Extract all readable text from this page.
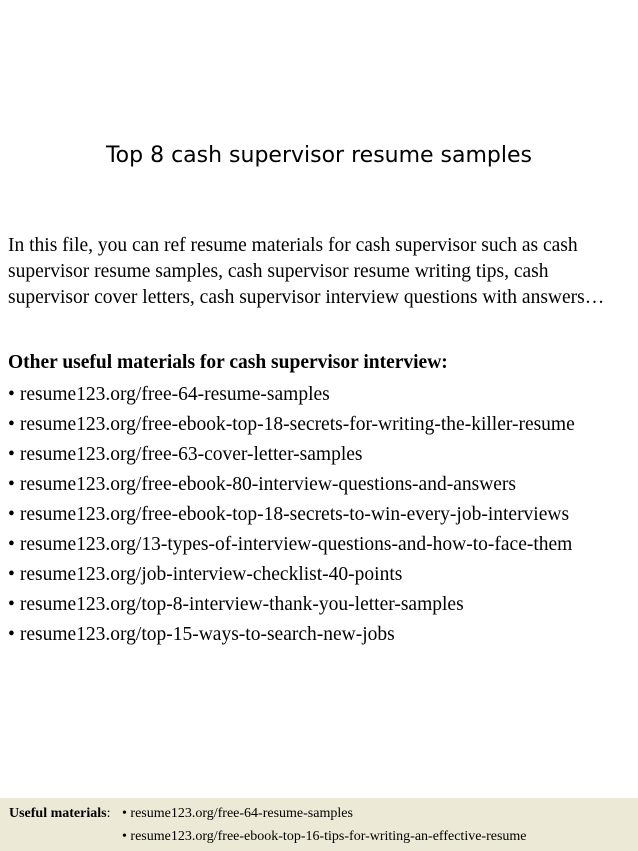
Top 8 cash supervisor resume samples

In this file, you can ref resume materials for cash supervisor such as cash supervisor resume samples, cash supervisor resume writing tips, cash supervisor cover letters, cash supervisor interview questions with answers…

Other useful materials for cash supervisor interview:

• resume123.org/free-64-resume-samples
• resume123.org/free-ebook-top-18-secrets-for-writing-the-killer-resume
• resume123.org/free-63-cover-letter-samples
• resume123.org/free-ebook-80-interview-questions-and-answers
• resume123.org/free-ebook-top-18-secrets-to-win-every-job-interviews
• resume123.org/13-types-of-interview-questions-and-how-to-face-them
• resume123.org/job-interview-checklist-40-points
• resume123.org/top-8-interview-thank-you-letter-samples
• resume123.org/top-15-ways-to-search-new-jobs
Useful materials: • resume123.org/free-64-resume-samples
• resume123.org/free-ebook-top-16-tips-for-writing-an-effective-resume
